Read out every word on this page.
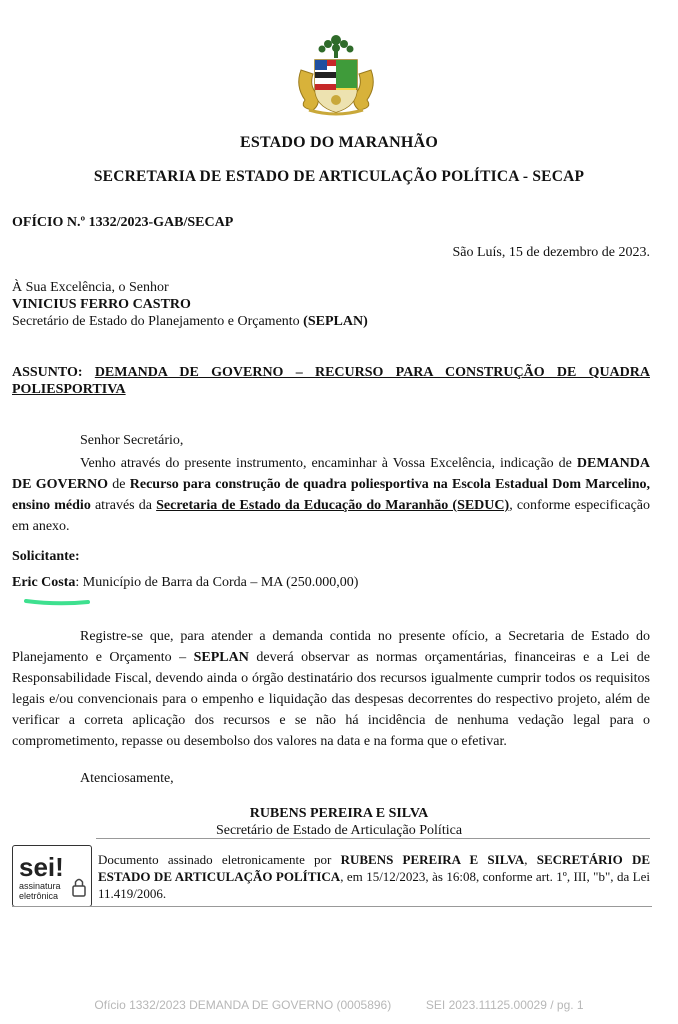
ESTADO DO MARANHÃO
SECRETARIA DE ESTADO DE ARTICULAÇÃO POLÍTICA - SECAP
OFÍCIO N.º 1332/2023-GAB/SECAP
São Luís, 15 de dezembro de 2023.
À Sua Excelência, o Senhor
VINICIUS FERRO CASTRO
Secretário de Estado do Planejamento e Orçamento (SEPLAN)
ASSUNTO: DEMANDA DE GOVERNO – RECURSO PARA CONSTRUÇÃO DE QUADRA POLIESPORTIVA
Senhor Secretário,
Venho através do presente instrumento, encaminhar à Vossa Excelência, indicação de DEMANDA DE GOVERNO de Recurso para construção de quadra poliesportiva na Escola Estadual Dom Marcelino, ensino médio através da Secretaria de Estado da Educação do Maranhão (SEDUC), conforme especificação em anexo.
Solicitante:
Eric Costa: Município de Barra da Corda – MA (250.000,00)
Registre-se que, para atender a demanda contida no presente ofício, a Secretaria de Estado do Planejamento e Orçamento – SEPLAN deverá observar as normas orçamentárias, financeiras e a Lei de Responsabilidade Fiscal, devendo ainda o órgão destinatário dos recursos igualmente cumprir todos os requisitos legais e/ou convencionais para o empenho e liquidação das despesas decorrentes do respectivo projeto, além de verificar a correta aplicação dos recursos e se não há incidência de nenhuma vedação legal para o comprometimento, repasse ou desembolso dos valores na data e na forma que o efetivar.
Atenciosamente,
RUBENS PEREIRA E SILVA
Secretário de Estado de Articulação Política
sei!
assinatura
eletrônica
Documento assinado eletronicamente por RUBENS PEREIRA E SILVA, SECRETÁRIO DE ESTADO DE ARTICULAÇÃO POLÍTICA, em 15/12/2023, às 16:08, conforme art. 1º, III, "b", da Lei 11.419/2006.
Ofício 1332/2023 DEMANDA DE GOVERNO (0005896)	SEI 2023.11125.00029 / pg. 1
